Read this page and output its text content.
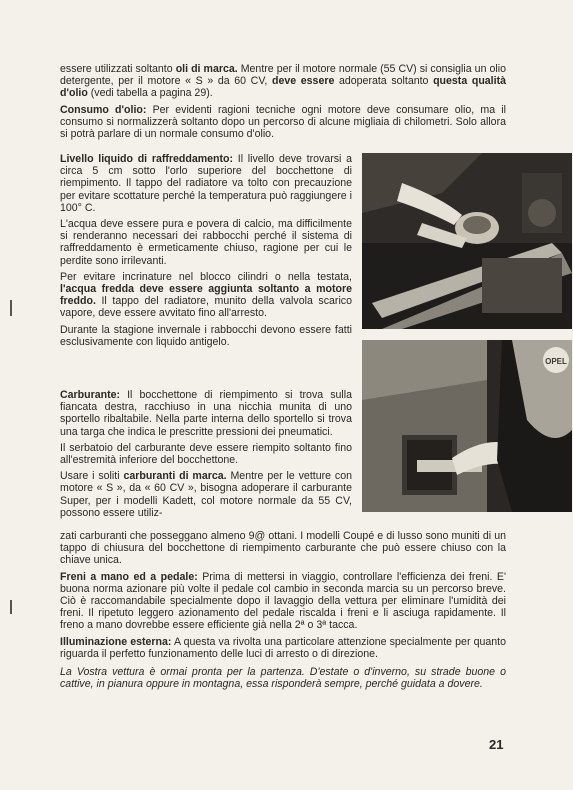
essere utilizzati soltanto oli di marca. Mentre per il motore normale (55 CV) si consiglia un olio detergente, per il motore « S » da 60 CV, deve essere adoperata soltanto questa qualità d'olio (vedi tabella a pagina 29).

Consumo d'olio: Per evidenti ragioni tecniche ogni motore deve consumare olio, ma il consumo si normalizzerà soltanto dopo un percorso di alcune migliaia di chilometri. Solo allora si potrà parlare di un normale consumo d'olio.

Livello liquido di raffreddamento: Il livello deve trovarsi a circa 5 cm sotto l'orlo superiore del bocchettone di riempimento. Il tappo del radiatore va tolto con precauzione per evitare scottature perché la temperatura può raggiungere i 100° C.

L'acqua deve essere pura e povera di calcio, ma difficilmente si renderanno necessari dei rabbocchi perché il sistema di raffreddamento è ermeticamente chiuso, ragione per cui le perdite sono irrilevanti.

Per evitare incrinature nel blocco cilindri o nella testata, l'acqua fredda deve essere aggiunta soltanto a motore freddo. Il tappo del radiatore, munito della valvola scarico vapore, deve essere avvitato fino all'arresto.

Durante la stagione invernale i rabbocchi devono essere fatti esclusivamente con liquido antigelo.

Carburante: Il bocchettone di riempimento si trova sulla fiancata destra, racchiuso in una nicchia munita di uno sportello ribaltabile. Nella parte interna dello sportello si trova una targa che indica le prescritte pressioni dei pneumatici.

Il serbatoio del carburante deve essere riempito soltanto fino all'estremità inferiore del bocchettone.

Usare i soliti carburanti di marca. Mentre per le vetture con motore « S », da « 60 CV », bisogna adoperare il carburante Super, per i modelli Kadett, col motore normale da 55 CV, possono essere utiliz-

zati carburanti che posseggano almeno 9@ ottani. I modelli Coupé e di lusso sono muniti di un tappo di chiusura del bocchettone di riempimento carburante che può essere chiuso con la chiave unica.

Freni a mano ed a pedale: Prima di mettersi in viaggio, controllare l'efficienza dei freni. E' buona norma azionare più volte il pedale col cambio in seconda marcia su un percorso breve. Ciò è raccomandabile specialmente dopo il lavaggio della vettura per eliminare l'umidità dei freni. Il ripetuto leggero azionamento del pedale riscalda i freni e li asciuga rapidamente. Il freno a mano dovrebbe essere efficiente già nella 2ª o 3ª tacca.

Illuminazione esterna: A questa va rivolta una particolare attenzione specialmente per quanto riguarda il perfetto funzionamento delle luci di arresto o di direzione.

La Vostra vettura è ormai pronta per la partenza. D'estate o d'inverno, su strade buone o cattive, in pianura oppure in montagna, essa risponderà sempre, perché guidata a dovere.

OPEL
21
